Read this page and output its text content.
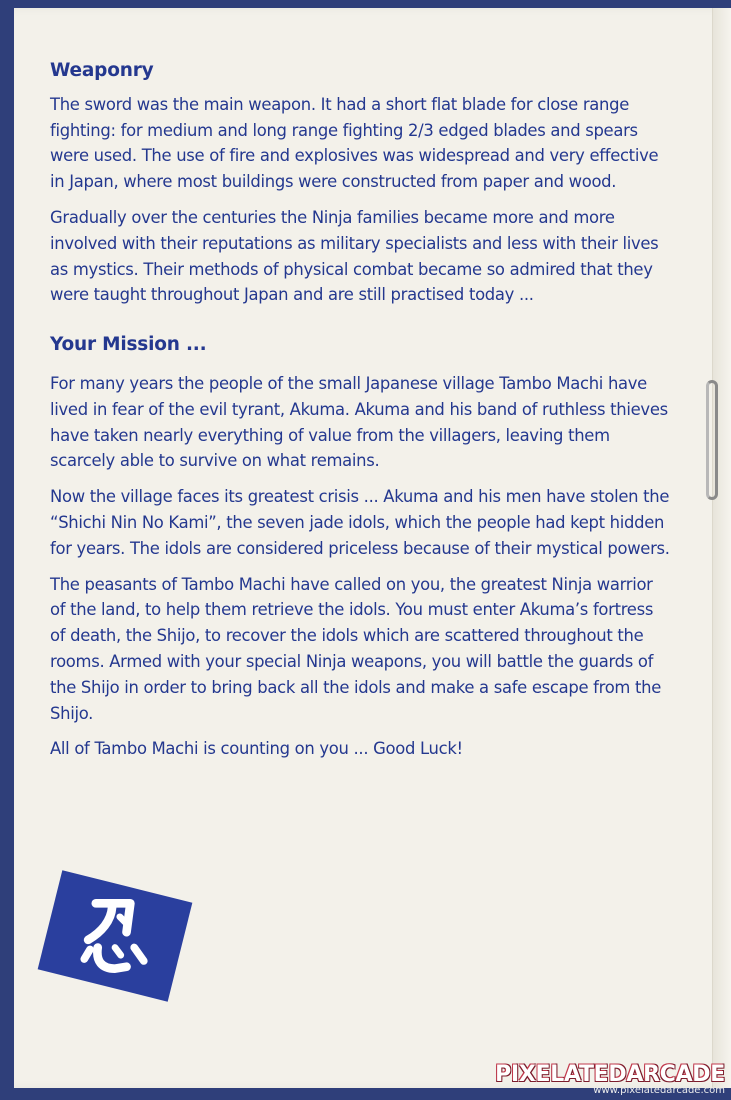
Weaponry

The sword was the main weapon. It had a short flat blade for close range fighting: for medium and long range fighting 2/3 edged blades and spears were used. The use of fire and explosives was widespread and very effective in Japan, where most buildings were constructed from paper and wood.

Gradually over the centuries the Ninja families became more and more involved with their reputations as military specialists and less with their lives as mystics. Their methods of physical combat became so admired that they were taught throughout Japan and are still practised today ...

Your Mission ...

For many years the people of the small Japanese village Tambo Machi have lived in fear of the evil tyrant, Akuma. Akuma and his band of ruthless thieves have taken nearly everything of value from the villagers, leaving them scarcely able to survive on what remains.

Now the village faces its greatest crisis ... Akuma and his men have stolen the “Shichi Nin No Kami”, the seven jade idols, which the people had kept hidden for years. The idols are considered priceless because of their mystical powers.

The peasants of Tambo Machi have called on you, the greatest Ninja warrior of the land, to help them retrieve the idols. You must enter Akuma’s fortress of death, the Shijo, to recover the idols which are scattered throughout the rooms. Armed with your special Ninja weapons, you will battle the guards of the Shijo in order to bring back all the idols and make a safe escape from the Shijo.

All of Tambo Machi is counting on you ... Good Luck!

PIXELATEDARCADE
www.pixelatedarcade.com
